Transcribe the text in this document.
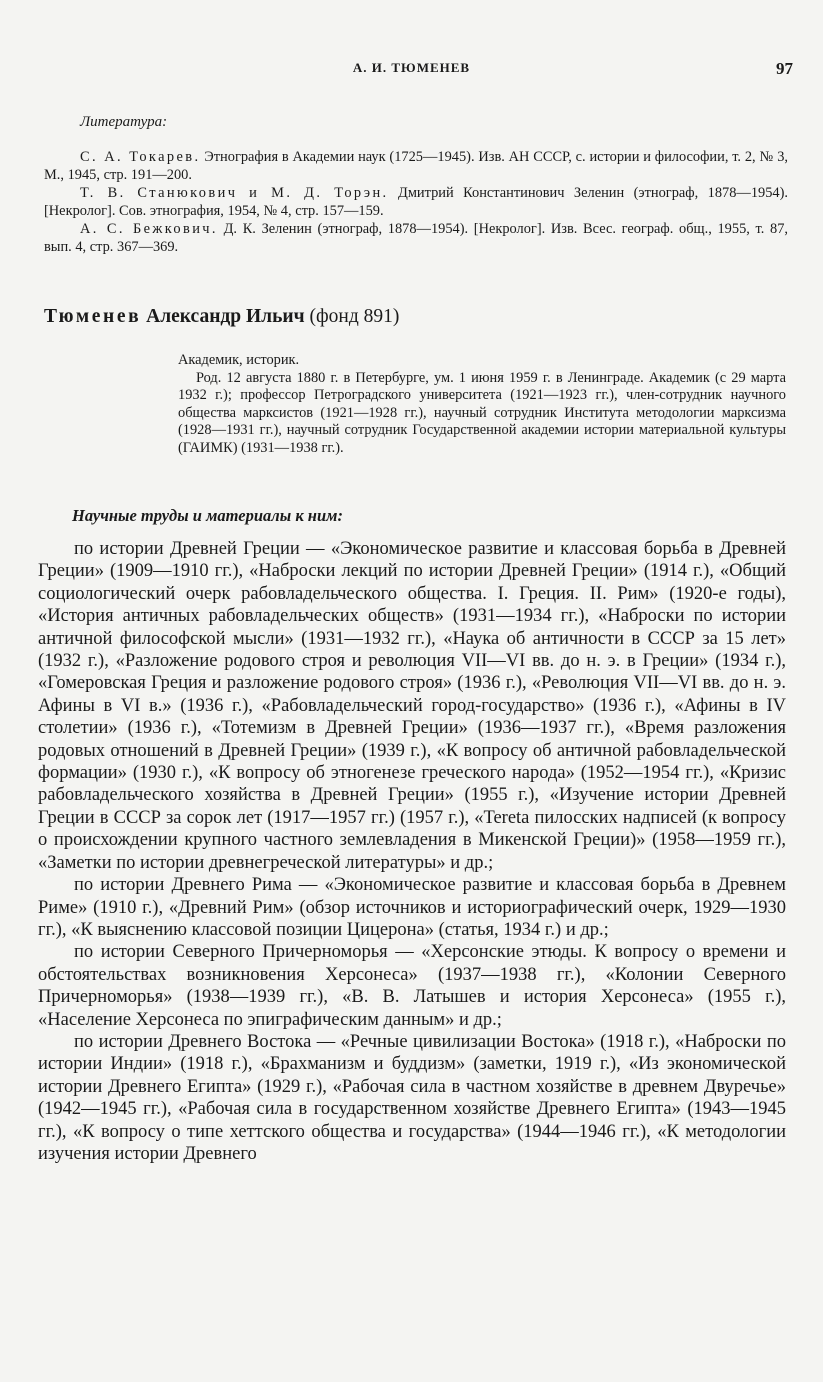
А. И. ТЮМЕНЕВ	97
Литература:

С. А. Токарев. Этнография в Академии наук (1725—1945). Изв. АН СССР, с. истории и философии, т. 2, № 3, М., 1945, стр. 191—200.

Т. В. Станюкович и М. Д. Торэн. Дмитрий Константинович Зеленин (этнограф, 1878—1954). [Некролог]. Сов. этнография, 1954, № 4, стр. 157—159.

А. С. Бежкович. Д. К. Зеленин (этнограф, 1878—1954). [Некролог]. Изв. Всес. географ. общ., 1955, т. 87, вып. 4, стр. 367—369.

Тюменев Александр Ильич (фонд 891)

Академик, историк.

Род. 12 августа 1880 г. в Петербурге, ум. 1 июня 1959 г. в Ленинграде. Академик (с 29 марта 1932 г.); профессор Петроградского университета (1921—1923 гг.), член-сотрудник научного общества марксистов (1921—1928 гг.), научный сотрудник Института методологии марксизма (1928—1931 гг.), научный сотрудник Государственной академии истории материальной культуры (ГАИМК) (1931—1938 гг.).

Научные труды и материалы к ним:

по истории Древней Греции — «Экономическое развитие и классовая борьба в Древней Греции» (1909—1910 гг.), «Наброски лекций по истории Древней Греции» (1914 г.), «Общий социологический очерк рабовладельческого общества. I. Греция. II. Рим» (1920-е годы), «История античных рабовладельческих обществ» (1931—1934 гг.), «Наброски по истории античной философской мысли» (1931—1932 гг.), «Наука об античности в СССР за 15 лет» (1932 г.), «Разложение родового строя и революция VII—VI вв. до н. э. в Греции» (1934 г.), «Гомеровская Греция и разложение родового строя» (1936 г.), «Революция VII—VI вв. до н. э. Афины в VI в.» (1936 г.), «Рабовладельческий город-государство» (1936 г.), «Афины в IV столетии» (1936 г.), «Тотемизм в Древней Греции» (1936—1937 гг.), «Время разложения родовых отношений в Древней Греции» (1939 г.), «К вопросу об античной рабовладельческой формации» (1930 г.), «К вопросу об этногенезе греческого народа» (1952—1954 гг.), «Кризис рабовладельческого хозяйства в Древней Греции» (1955 г.), «Изучение истории Древней Греции в СССР за сорок лет (1917—1957 гг.) (1957 г.), «Tereta пилосских надписей (к вопросу о происхождении крупного частного землевладения в Микенской Греции)» (1958—1959 гг.), «Заметки по истории древнегреческой литературы» и др.;

по истории Древнего Рима — «Экономическое развитие и классовая борьба в Древнем Риме» (1910 г.), «Древний Рим» (обзор источников и историографический очерк, 1929—1930 гг.), «К выяснению классовой позиции Цицерона» (статья, 1934 г.) и др.;

по истории Северного Причерноморья — «Херсонские этюды. К вопросу о времени и обстоятельствах возникновения Херсонеса» (1937—1938 гг.), «Колонии Северного Причерноморья» (1938—1939 гг.), «В. В. Латышев и история Херсонеса» (1955 г.), «Население Херсонеса по эпиграфическим данным» и др.;

по истории Древнего Востока — «Речные цивилизации Востока» (1918 г.), «Наброски по истории Индии» (1918 г.), «Брахманизм и буддизм» (заметки, 1919 г.), «Из экономической истории Древнего Египта» (1929 г.), «Рабочая сила в частном хозяйстве в древнем Двуречье» (1942—1945 гг.), «Рабочая сила в государственном хозяйстве Древнего Египта» (1943—1945 гг.), «К вопросу о типе хеттского общества и государства» (1944—1946 гг.), «К методологии изучения истории Древнего
